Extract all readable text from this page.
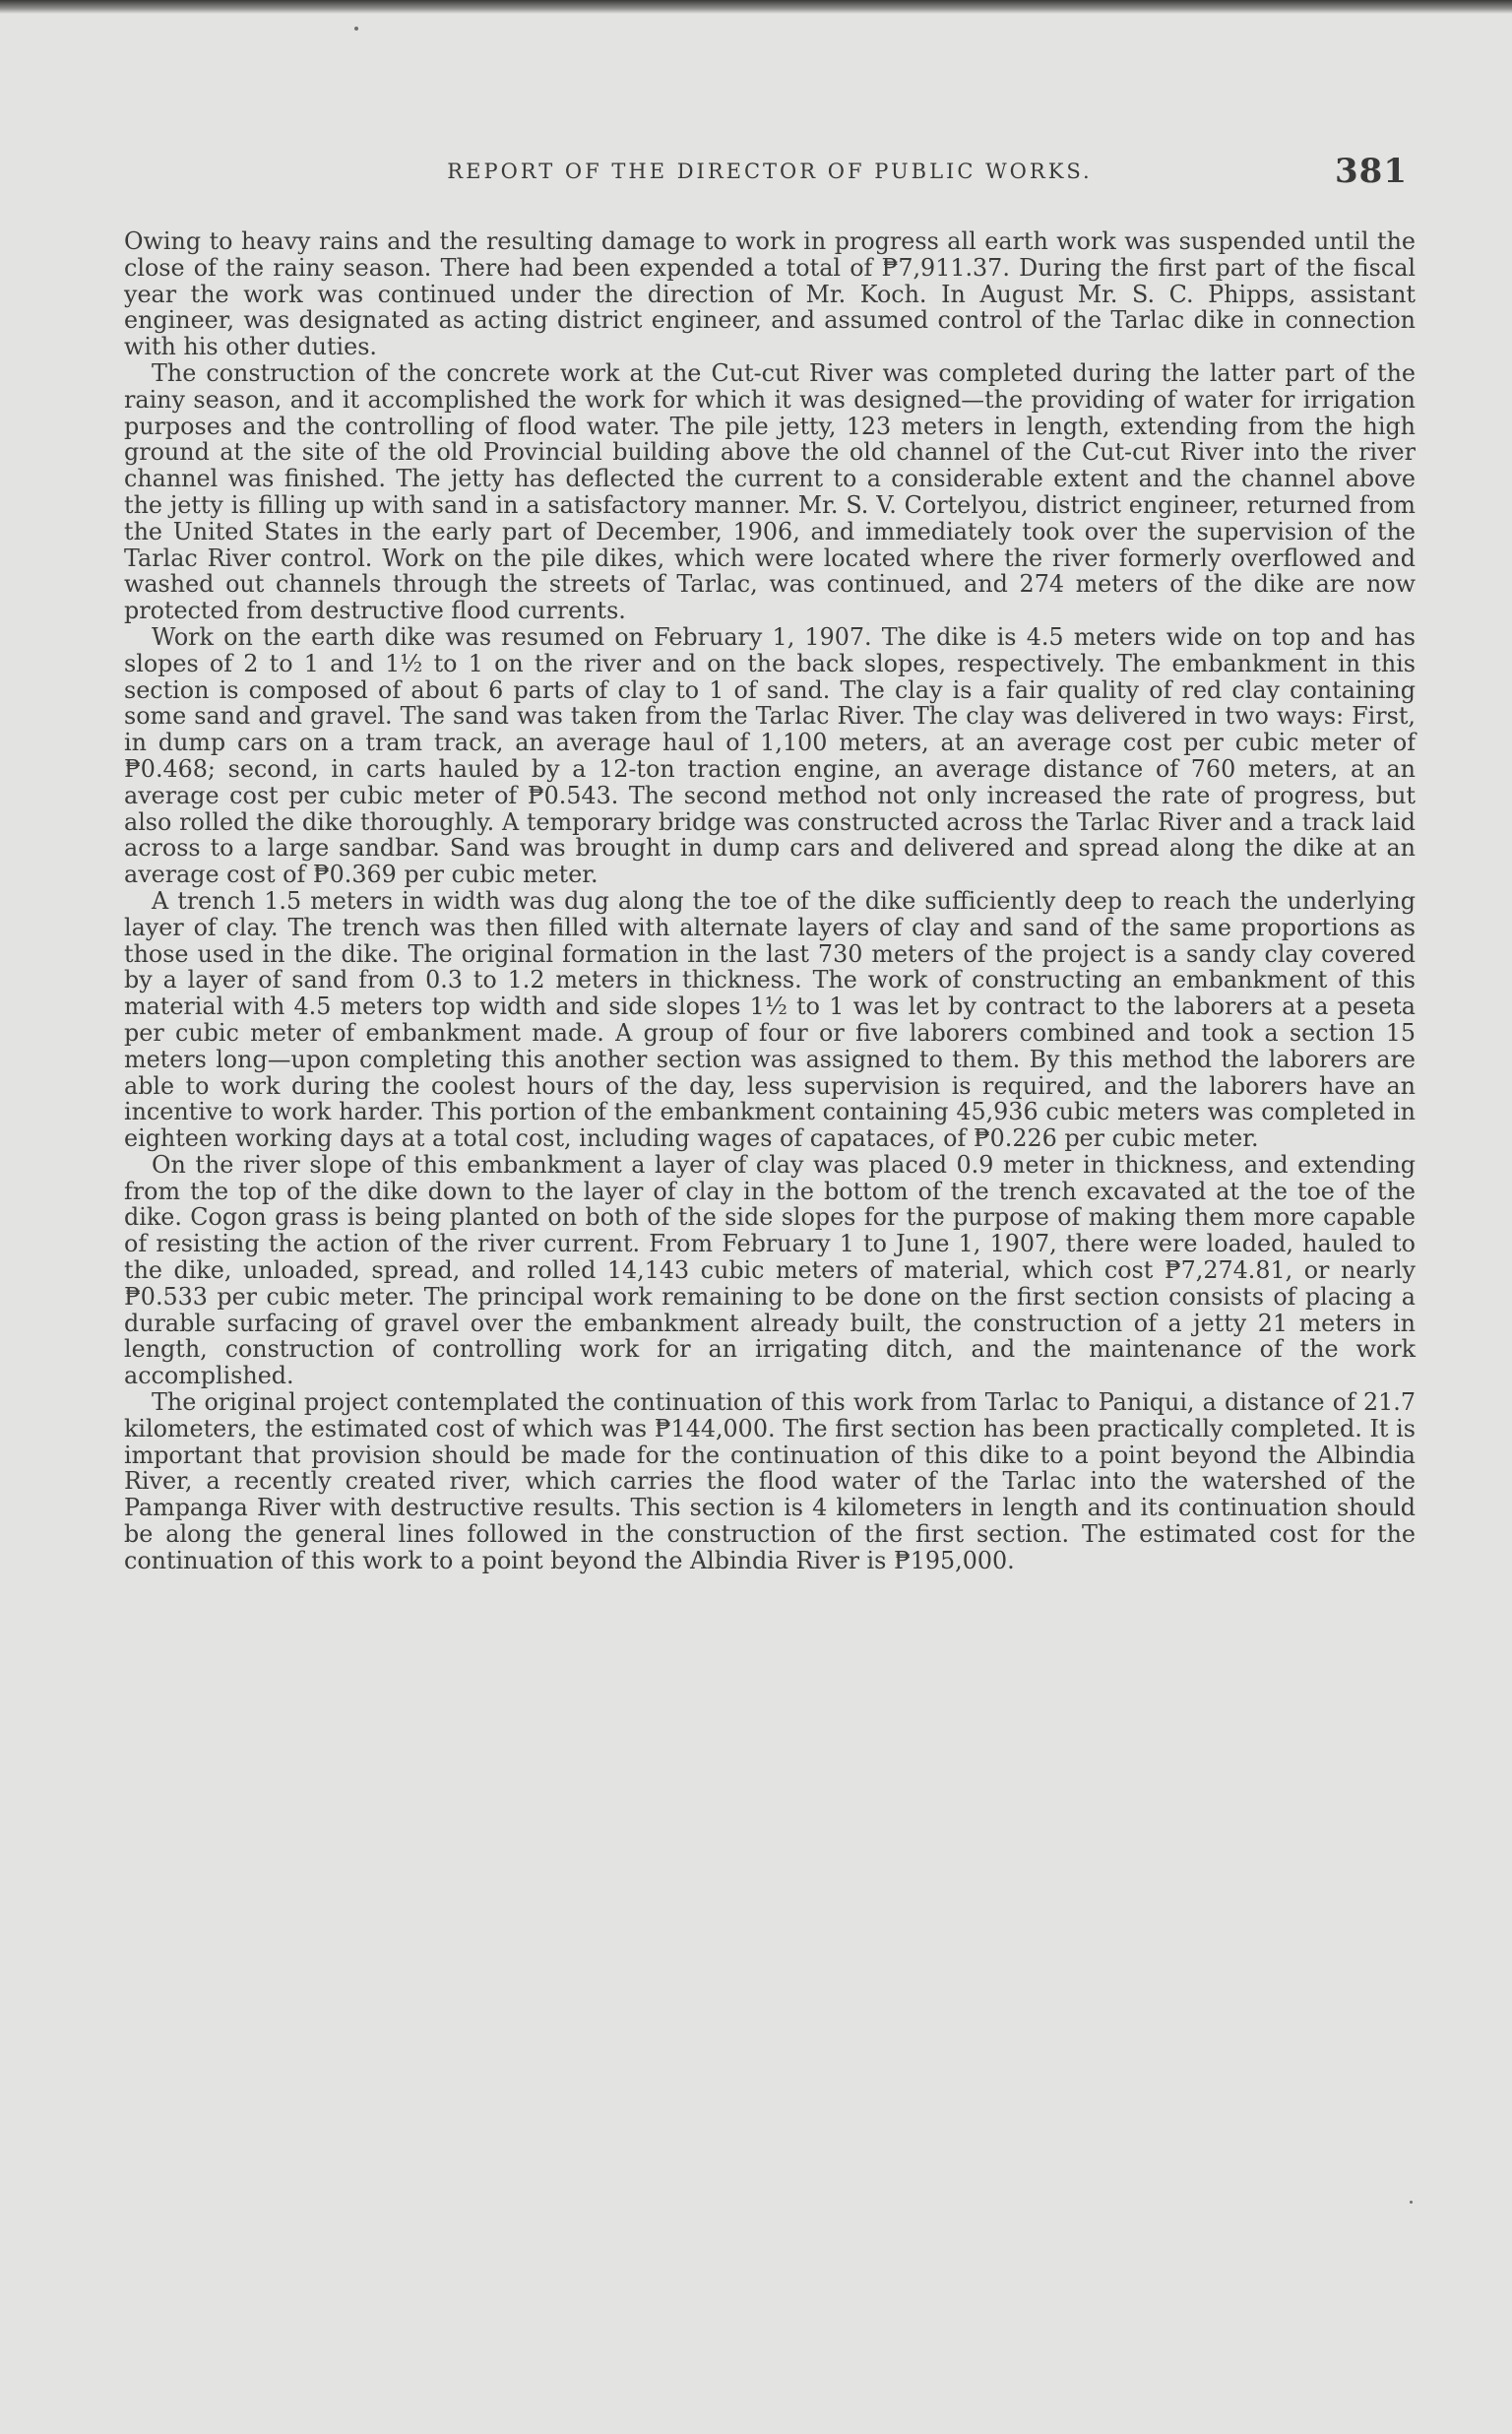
REPORT OF THE DIRECTOR OF PUBLIC WORKS.	381

Owing to heavy rains and the resulting damage to work in progress all earth work was suspended until the close of the rainy season. There had been expended a total of ₱7,911.37. During the first part of the fiscal year the work was continued under the direction of Mr. Koch. In August Mr. S. C. Phipps, assistant engineer, was designated as acting district engineer, and assumed control of the Tarlac dike in connection with his other duties.

The construction of the concrete work at the Cut-cut River was completed during the latter part of the rainy season, and it accomplished the work for which it was designed—the providing of water for irrigation purposes and the controlling of flood water. The pile jetty, 123 meters in length, extending from the high ground at the site of the old Provincial building above the old channel of the Cut-cut River into the river channel was finished. The jetty has deflected the current to a considerable extent and the channel above the jetty is filling up with sand in a satisfactory manner. Mr. S. V. Cortelyou, district engineer, returned from the United States in the early part of December, 1906, and immediately took over the supervision of the Tarlac River control. Work on the pile dikes, which were located where the river formerly overflowed and washed out channels through the streets of Tarlac, was continued, and 274 meters of the dike are now protected from destructive flood currents.

Work on the earth dike was resumed on February 1, 1907. The dike is 4.5 meters wide on top and has slopes of 2 to 1 and 1½ to 1 on the river and on the back slopes, respectively. The embankment in this section is composed of about 6 parts of clay to 1 of sand. The clay is a fair quality of red clay containing some sand and gravel. The sand was taken from the Tarlac River. The clay was delivered in two ways: First, in dump cars on a tram track, an average haul of 1,100 meters, at an average cost per cubic meter of ₱0.468; second, in carts hauled by a 12-ton traction engine, an average distance of 760 meters, at an average cost per cubic meter of ₱0.543. The second method not only increased the rate of progress, but also rolled the dike thoroughly. A temporary bridge was constructed across the Tarlac River and a track laid across to a large sandbar. Sand was brought in dump cars and delivered and spread along the dike at an average cost of ₱0.369 per cubic meter.

A trench 1.5 meters in width was dug along the toe of the dike sufficiently deep to reach the underlying layer of clay. The trench was then filled with alternate layers of clay and sand of the same proportions as those used in the dike. The original formation in the last 730 meters of the project is a sandy clay covered by a layer of sand from 0.3 to 1.2 meters in thickness. The work of constructing an embankment of this material with 4.5 meters top width and side slopes 1½ to 1 was let by contract to the laborers at a peseta per cubic meter of embankment made. A group of four or five laborers combined and took a section 15 meters long—upon completing this another section was assigned to them. By this method the laborers are able to work during the coolest hours of the day, less supervision is required, and the laborers have an incentive to work harder. This portion of the embankment containing 45,936 cubic meters was completed in eighteen working days at a total cost, including wages of capataces, of ₱0.226 per cubic meter.

On the river slope of this embankment a layer of clay was placed 0.9 meter in thickness, and extending from the top of the dike down to the layer of clay in the bottom of the trench excavated at the toe of the dike. Cogon grass is being planted on both of the side slopes for the purpose of making them more capable of resisting the action of the river current. From February 1 to June 1, 1907, there were loaded, hauled to the dike, unloaded, spread, and rolled 14,143 cubic meters of material, which cost ₱7,274.81, or nearly ₱0.533 per cubic meter. The principal work remaining to be done on the first section consists of placing a durable surfacing of gravel over the embankment already built, the construction of a jetty 21 meters in length, construction of controlling work for an irrigating ditch, and the maintenance of the work accomplished.

The original project contemplated the continuation of this work from Tarlac to Paniqui, a distance of 21.7 kilometers, the estimated cost of which was ₱144,000. The first section has been practically completed. It is important that provision should be made for the continuation of this dike to a point beyond the Albindia River, a recently created river, which carries the flood water of the Tarlac into the watershed of the Pampanga River with destructive results. This section is 4 kilometers in length and its continuation should be along the general lines followed in the construction of the first section. The estimated cost for the continuation of this work to a point beyond the Albindia River is ₱195,000.
